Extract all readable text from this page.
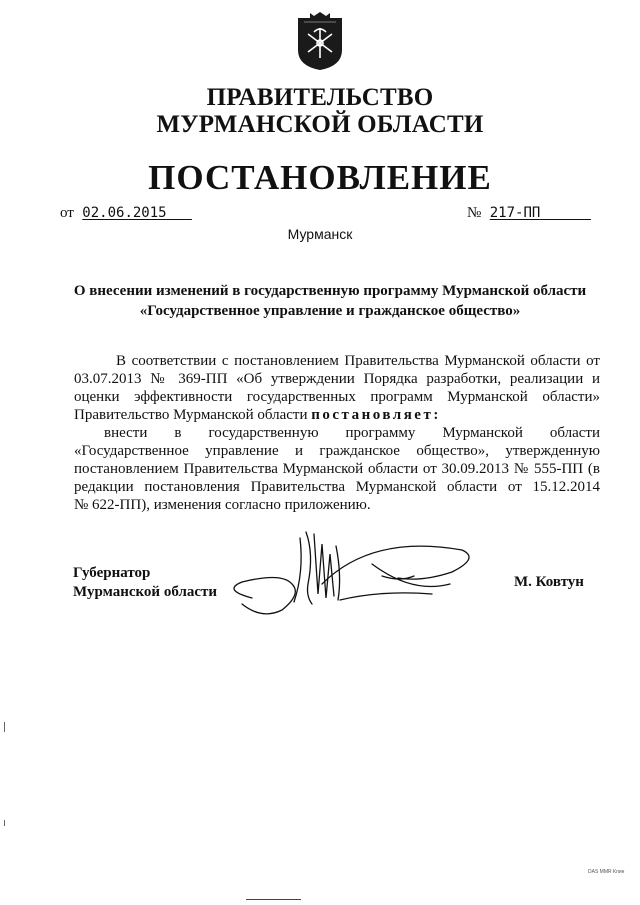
ПРАВИТЕЛЬСТВО
МУРМАНСКОЙ ОБЛАСТИ
ПОСТАНОВЛЕНИЕ
от 02.06.2015	№ 217-ПП
Мурманск
О внесении изменений в государственную программу Мурманской области
«Государственное управление и гражданское общество»
В соответствии с постановлением Правительства Мурманской области от
03.07.2013 № 369-ПП «Об утверждении Порядка разработки, реализации и
оценки эффективности государственных программ Мурманской области»
Правительство Мурманской области постановляет:
внести в государственную программу Мурманской области
«Государственное управление и гражданское общество», утвержденную
постановлением Правительства Мурманской области от 30.09.2013 № 555-ПП (в
редакции постановления Правительства Мурманской области от 15.12.2014
№ 622-ПП), изменения согласно приложению.
Губернатор
Мурманской области
М. Ковтун
DAS MMR Клин
